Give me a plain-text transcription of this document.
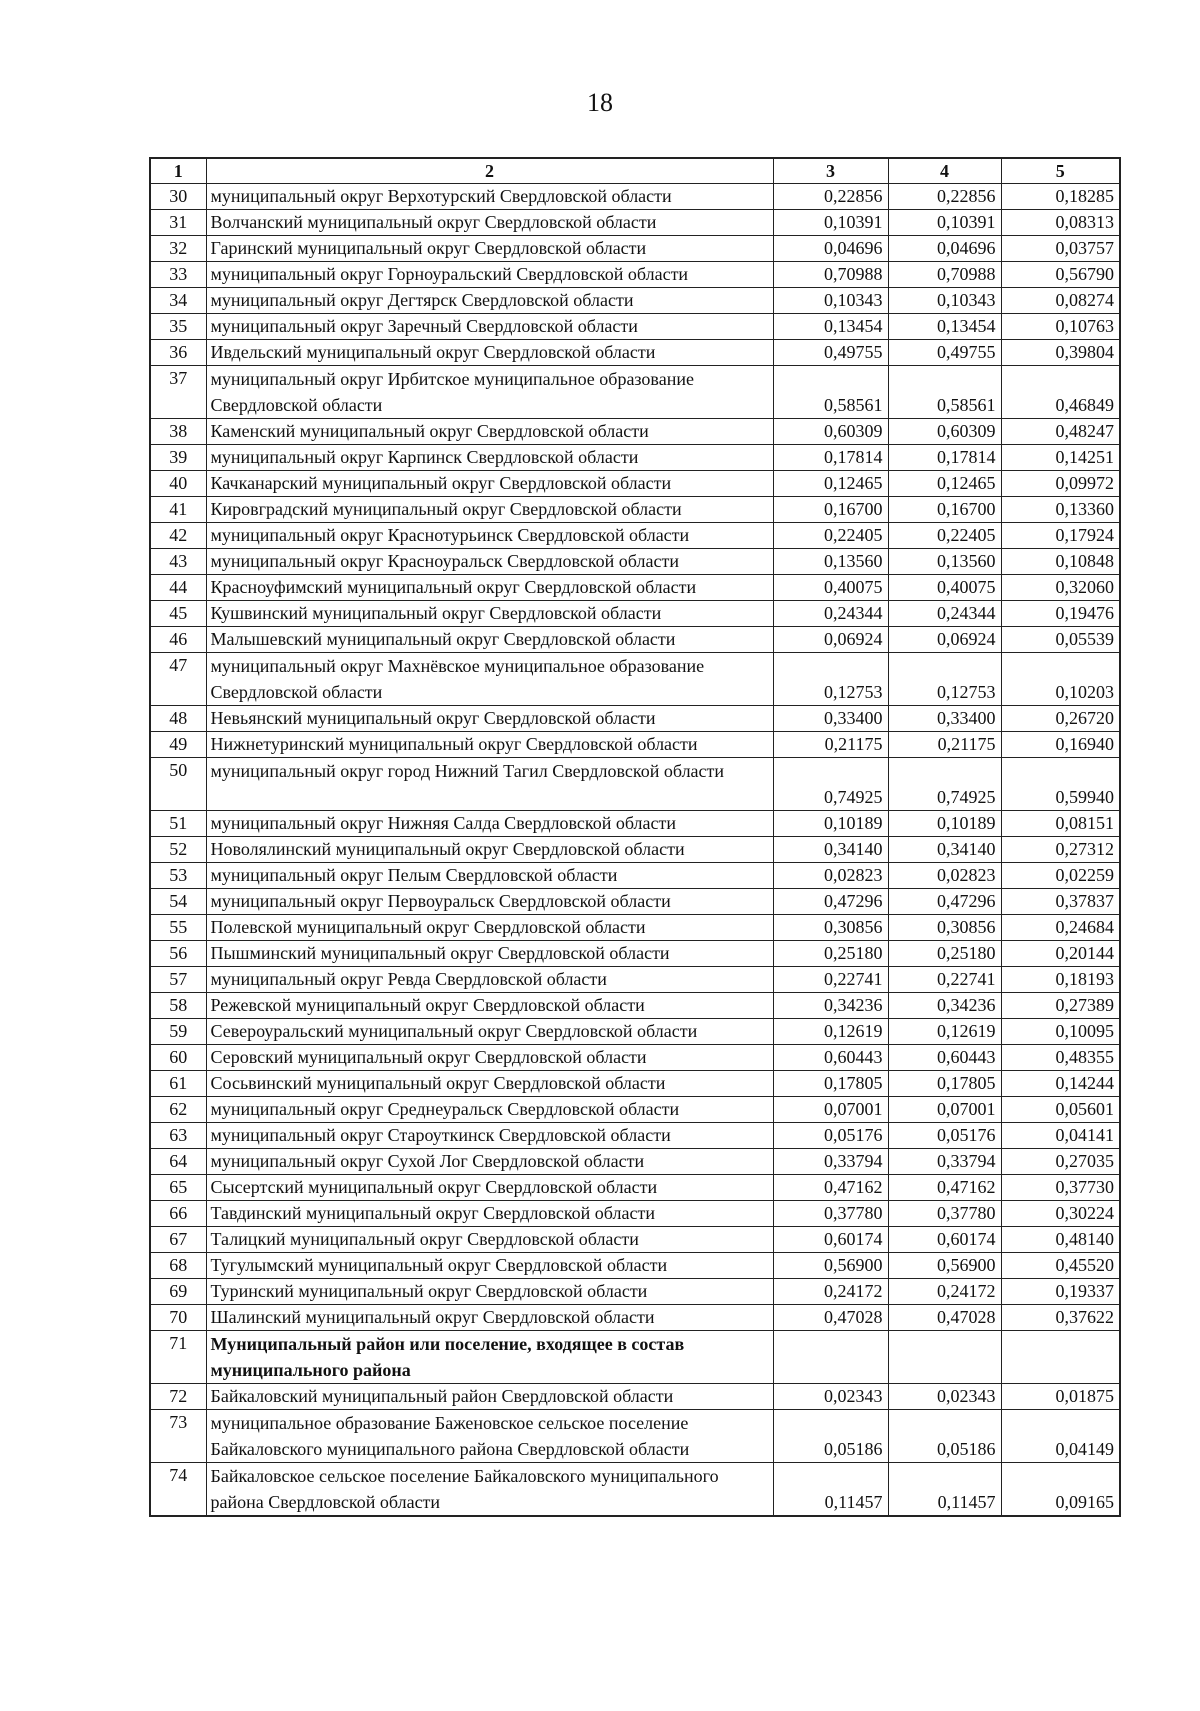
18
1	2	3	4	5
30	муниципальный округ Верхотурский Свердловской области	0,22856	0,22856	0,18285
31	Волчанский муниципальный округ Свердловской области	0,10391	0,10391	0,08313
32	Гаринский муниципальный округ Свердловской области	0,04696	0,04696	0,03757
33	муниципальный округ Горноуральский Свердловской области	0,70988	0,70988	0,56790
34	муниципальный округ Дегтярск Свердловской области	0,10343	0,10343	0,08274
35	муниципальный округ Заречный Свердловской области	0,13454	0,13454	0,10763
36	Ивдельский муниципальный округ Свердловской области	0,49755	0,49755	0,39804
37	муниципальный округ Ирбитское муниципальное образование Свердловской области	0,58561	0,58561	0,46849
38	Каменский муниципальный округ Свердловской области	0,60309	0,60309	0,48247
39	муниципальный округ Карпинск Свердловской области	0,17814	0,17814	0,14251
40	Качканарский муниципальный округ Свердловской области	0,12465	0,12465	0,09972
41	Кировградский муниципальный округ Свердловской области	0,16700	0,16700	0,13360
42	муниципальный округ Краснотурьинск Свердловской области	0,22405	0,22405	0,17924
43	муниципальный округ Красноуральск Свердловской области	0,13560	0,13560	0,10848
44	Красноуфимский муниципальный округ Свердловской области	0,40075	0,40075	0,32060
45	Кушвинский муниципальный округ Свердловской области	0,24344	0,24344	0,19476
46	Малышевский муниципальный округ Свердловской области	0,06924	0,06924	0,05539
47	муниципальный округ Махнёвское муниципальное образование Свердловской области	0,12753	0,12753	0,10203
48	Невьянский муниципальный округ Свердловской области	0,33400	0,33400	0,26720
49	Нижнетуринский муниципальный округ Свердловской области	0,21175	0,21175	0,16940
50	муниципальный округ город Нижний Тагил Свердловской области	0,74925	0,74925	0,59940
51	муниципальный округ Нижняя Салда Свердловской области	0,10189	0,10189	0,08151
52	Новолялинский муниципальный округ Свердловской области	0,34140	0,34140	0,27312
53	муниципальный округ Пелым Свердловской области	0,02823	0,02823	0,02259
54	муниципальный округ Первоуральск Свердловской области	0,47296	0,47296	0,37837
55	Полевской муниципальный округ Свердловской области	0,30856	0,30856	0,24684
56	Пышминский муниципальный округ Свердловской области	0,25180	0,25180	0,20144
57	муниципальный округ Ревда Свердловской области	0,22741	0,22741	0,18193
58	Режевской муниципальный округ Свердловской области	0,34236	0,34236	0,27389
59	Североуральский муниципальный округ Свердловской области	0,12619	0,12619	0,10095
60	Серовский муниципальный округ Свердловской области	0,60443	0,60443	0,48355
61	Сосьвинский муниципальный округ Свердловской области	0,17805	0,17805	0,14244
62	муниципальный округ Среднеуральск Свердловской области	0,07001	0,07001	0,05601
63	муниципальный округ Староуткинск Свердловской области	0,05176	0,05176	0,04141
64	муниципальный округ Сухой Лог Свердловской области	0,33794	0,33794	0,27035
65	Сысертский муниципальный округ Свердловской области	0,47162	0,47162	0,37730
66	Тавдинский муниципальный округ Свердловской области	0,37780	0,37780	0,30224
67	Талицкий муниципальный округ Свердловской области	0,60174	0,60174	0,48140
68	Тугулымский муниципальный округ Свердловской области	0,56900	0,56900	0,45520
69	Туринский муниципальный округ Свердловской области	0,24172	0,24172	0,19337
70	Шалинский муниципальный округ Свердловской области	0,47028	0,47028	0,37622
71	Муниципальный район или поселение, входящее в состав муниципального района			
72	Байкаловский муниципальный район Свердловской области	0,02343	0,02343	0,01875
73	муниципальное образование Баженовское сельское поселение Байкаловского муниципального района Свердловской области	0,05186	0,05186	0,04149
74	Байкаловское сельское поселение Байкаловского муниципального района Свердловской области	0,11457	0,11457	0,09165
